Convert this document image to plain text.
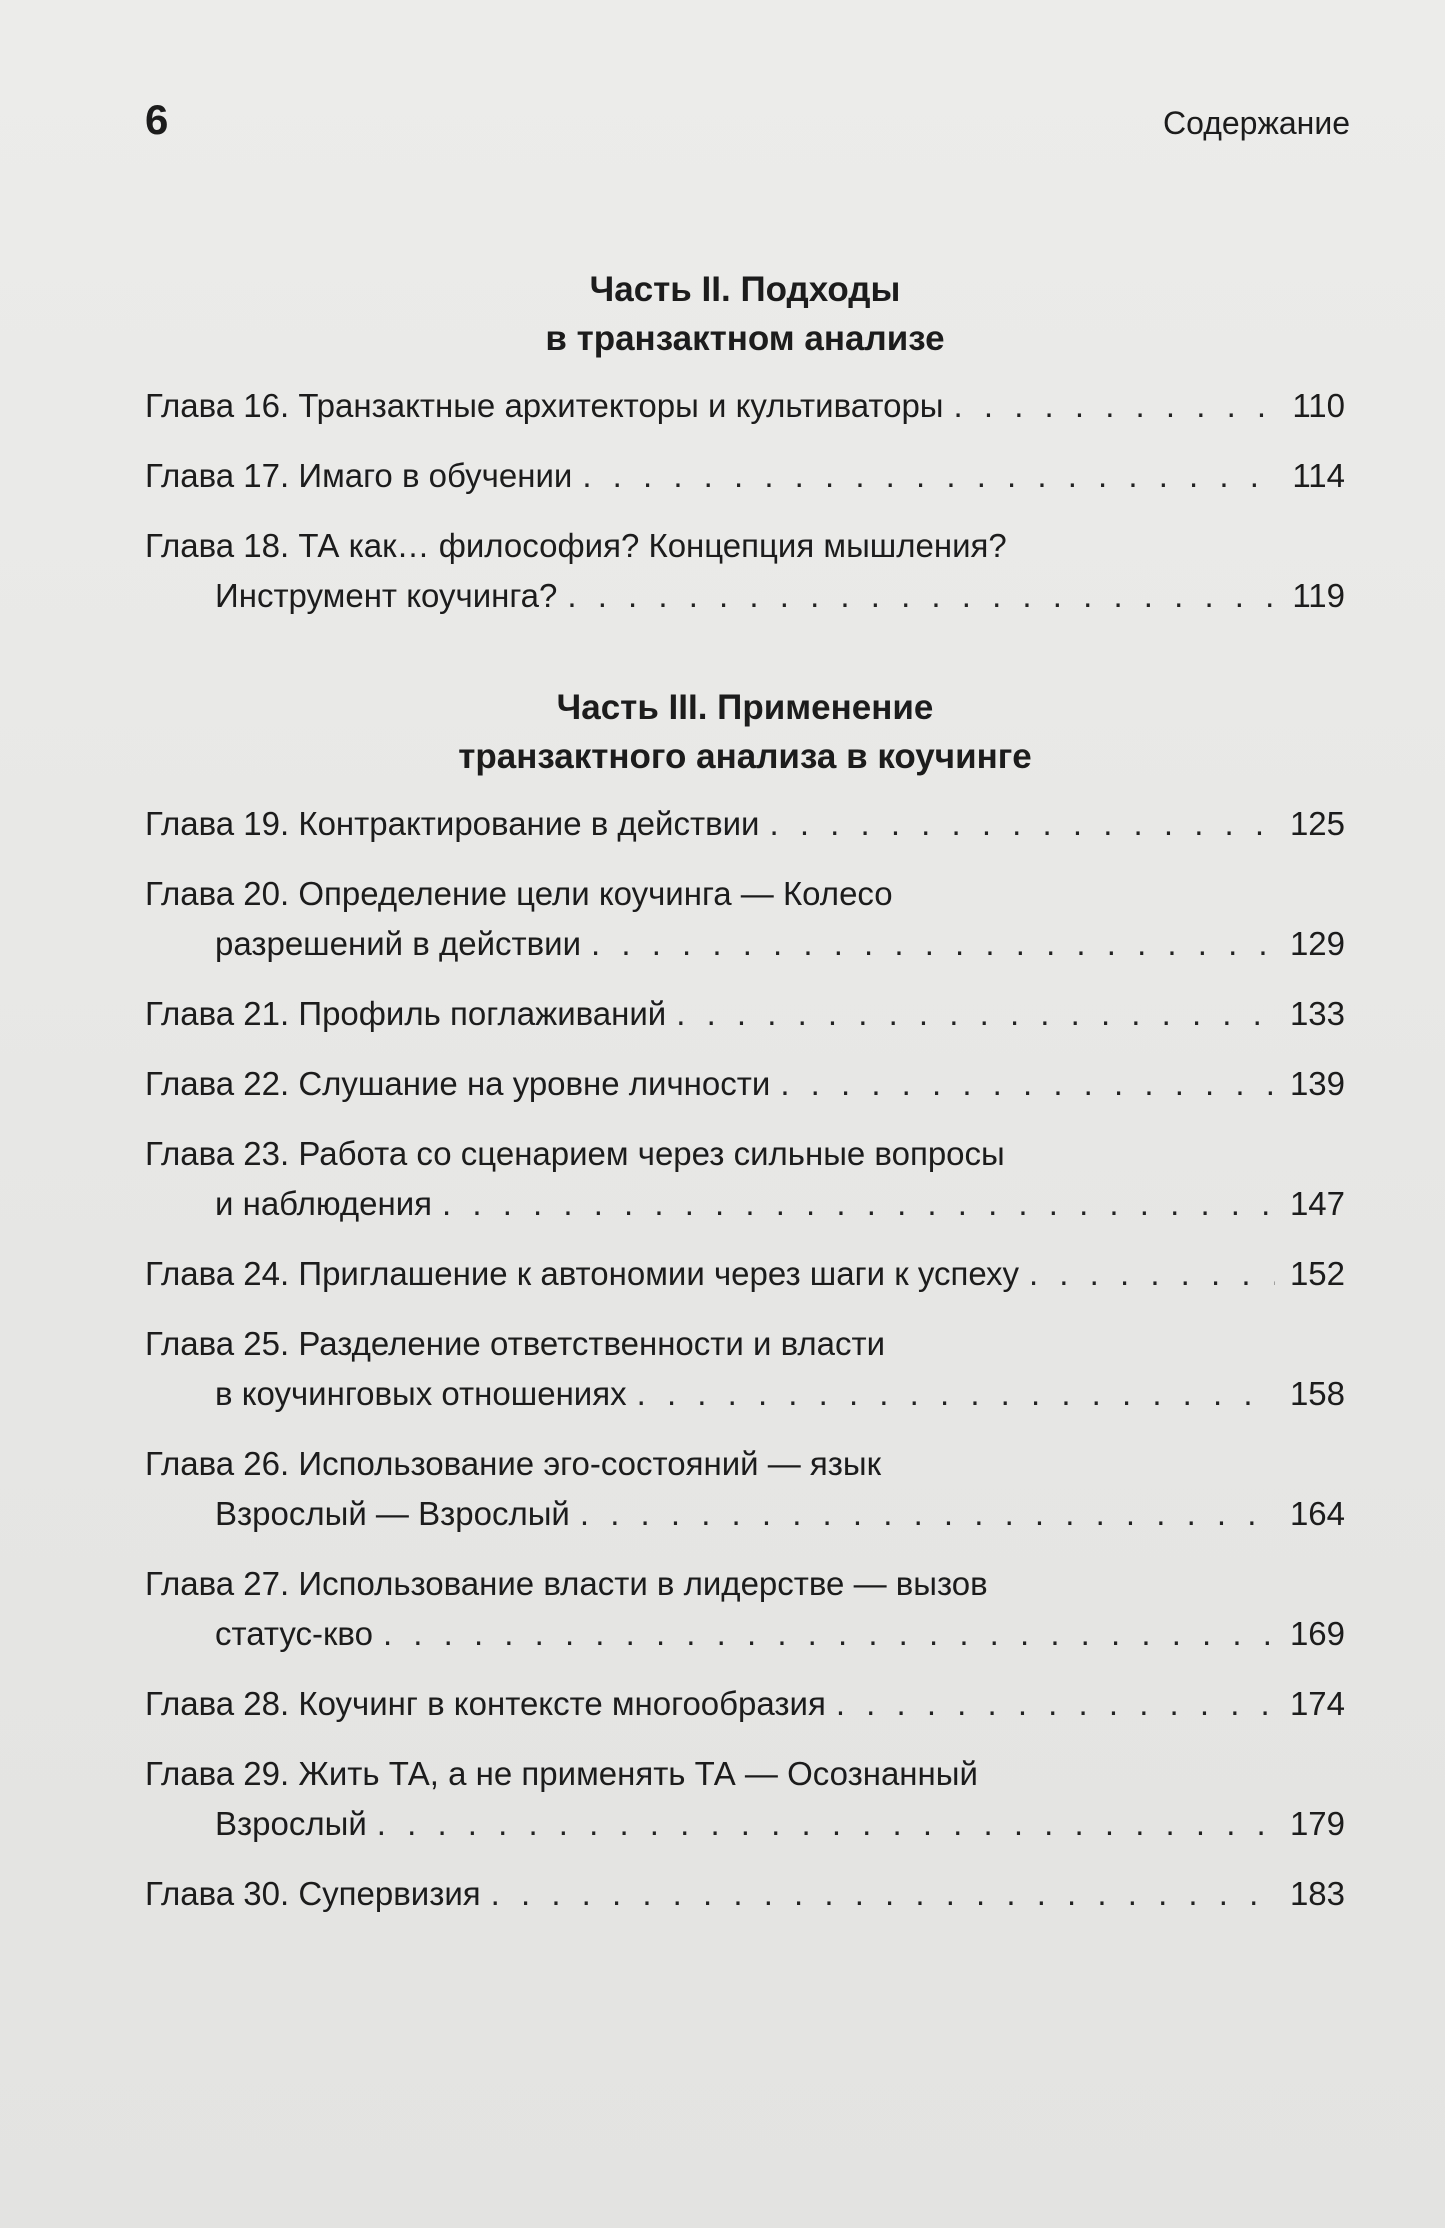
6	Содержание
Часть II. Подходы
в транзактном анализе
Глава 16. Транзактные архитекторы и культиваторы . . .	110
Глава 17. Имаго в обучении . . .	114
Глава 18. ТА как… философия? Концепция мышления?
Инструмент коучинга? . . .	119
Часть III. Применение
транзактного анализа в коучинге
Глава 19. Контрактирование в действии . . .	125
Глава 20. Определение цели коучинга — Колесо
разрешений в действии . . .	129
Глава 21. Профиль поглаживаний . . .	133
Глава 22. Слушание на уровне личности . . .	139
Глава 23. Работа со сценарием через сильные вопросы
и наблюдения . . .	147
Глава 24. Приглашение к автономии через шаги к успеху . . .	152
Глава 25. Разделение ответственности и власти
в коучинговых отношениях . . .	158
Глава 26. Использование эго-состояний — язык
Взрослый — Взрослый . . .	164
Глава 27. Использование власти в лидерстве — вызов
статус-кво . . .	169
Глава 28. Коучинг в контексте многообразия . . .	174
Глава 29. Жить ТА, а не применять ТА — Осознанный
Взрослый . . .	179
Глава 30. Супервизия . . .	183
